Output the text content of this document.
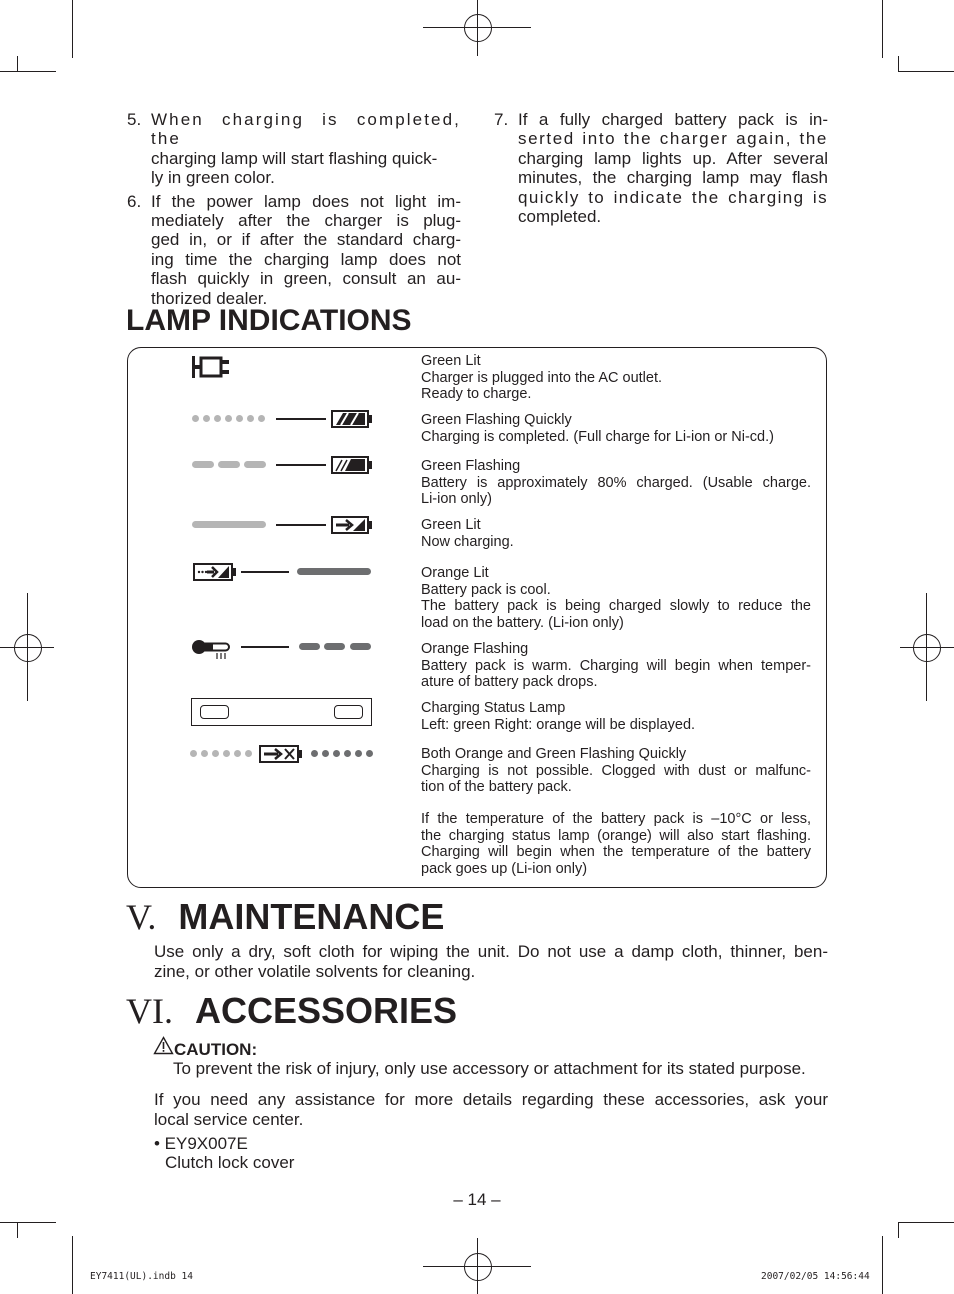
5. When charging is completed, the
charging lamp will start flashing quick-
ly in green color.
6. If the power lamp does not light im-
mediately after the charger is plug-
ged in, or if after the standard charg-
ing time the charging lamp does not
flash quickly in green, consult an au-
thorized dealer.
7. If a fully charged battery pack is in-
serted into the charger again, the
charging lamp lights up. After several
minutes, the charging lamp may flash
quickly to indicate the charging is
completed.
LAMP INDICATIONS
Green Lit
Charger is plugged into the AC outlet.
Ready to charge.
Green Flashing Quickly
Charging is completed. (Full charge for Li-ion or Ni-cd.)
Green Flashing
Battery is approximately 80% charged. (Usable charge.
Li-ion only)
Green Lit
Now charging.
Orange Lit
Battery pack is cool.
The battery pack is being charged slowly to reduce the
load on the battery. (Li-ion only)
Orange Flashing
Battery pack is warm. Charging will begin when temper-
ature of battery pack drops.
Charging Status Lamp
Left: green Right: orange will be displayed.
Both Orange and Green Flashing Quickly
Charging is not possible. Clogged with dust or malfunc-
tion of the battery pack.
If the temperature of the battery pack is –10°C or less,
the charging status lamp (orange) will also start flashing.
Charging will begin when the temperature of the battery
pack goes up (Li-ion only)
V. MAINTENANCE
Use only a dry, soft cloth for wiping the unit. Do not use a damp cloth, thinner, ben-
zine, or other volatile solvents for cleaning.
VI. ACCESSORIES
CAUTION:
To prevent the risk of injury, only use accessory or attachment for its stated purpose.
If you need any assistance for more details regarding these accessories, ask your
local service center.
• EY9X007E
Clutch lock cover
– 14 –
EY7411(UL).indb 14	2007/02/05 14:56:44
